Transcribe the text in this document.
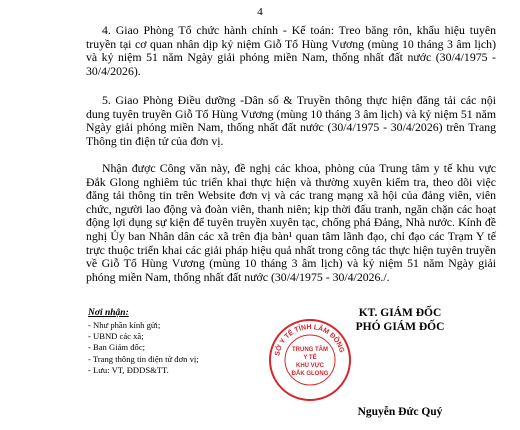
4

4. Giao Phòng Tổ chức hành chính - Kế toán: Treo băng rôn, khẩu hiệu tuyên truyền tại cơ quan nhân dịp kỷ niệm Giỗ Tổ Hùng Vương (mùng 10 tháng 3 âm lịch) và kỷ niệm 51 năm Ngày giải phóng miền Nam, thống nhất đất nước (30/4/1975 - 30/4/2026).

5. Giao Phòng Điều dưỡng -Dân số & Truyền thông thực hiện đăng tải các nội dung tuyên truyền Giỗ Tổ Hùng Vương (mùng 10 tháng 3 âm lịch) và kỷ niệm 51 năm Ngày giải phóng miền Nam, thống nhất đất nước (30/4/1975 - 30/4/2026) trên Trang Thông tin điện tử của đơn vị.

Nhận được Công văn này, đề nghị các khoa, phòng của Trung tâm y tế khu vực Đắk Glong nghiêm túc triển khai thực hiện và thường xuyên kiểm tra, theo dõi việc đăng tải thông tin trên Website đơn vị và các trang mạng xã hội của đảng viên, viên chức, người lao động và đoàn viên, thanh niên; kịp thời đấu tranh, ngăn chặn các hoạt động lợi dụng sự kiện để tuyên truyền xuyên tạc, chống phá Đảng, Nhà nước. Kính đề nghị Ủy ban Nhân dân các xã trên địa bàn¹ quan tâm lãnh đạo, chỉ đạo các Trạm Y tế trực thuộc triển khai các giải pháp hiệu quả nhất trong công tác thực hiện tuyên truyền về Giỗ Tổ Hùng Vương (mùng 10 tháng 3 âm lịch) và kỷ niệm 51 năm Ngày giải phóng miền Nam, thống nhất đất nước (30/4/1975 - 30/4/2026./.

Nơi nhận:
- Như phần kính gửi;
- UBND các xã;
- Ban Giám đốc;
- Trang thông tin điện tử đơn vị;
- Lưu: VT, ĐDDS&TT.
KT. GIÁM ĐỐC
PHÓ GIÁM ĐỐC
SỞ Y TẾ TỈNH LÂM ĐỒNG
TRUNG TÂM
Y TẾ
KHU VỰC
ĐẮK GLONG
Nguyễn Đức Quý
